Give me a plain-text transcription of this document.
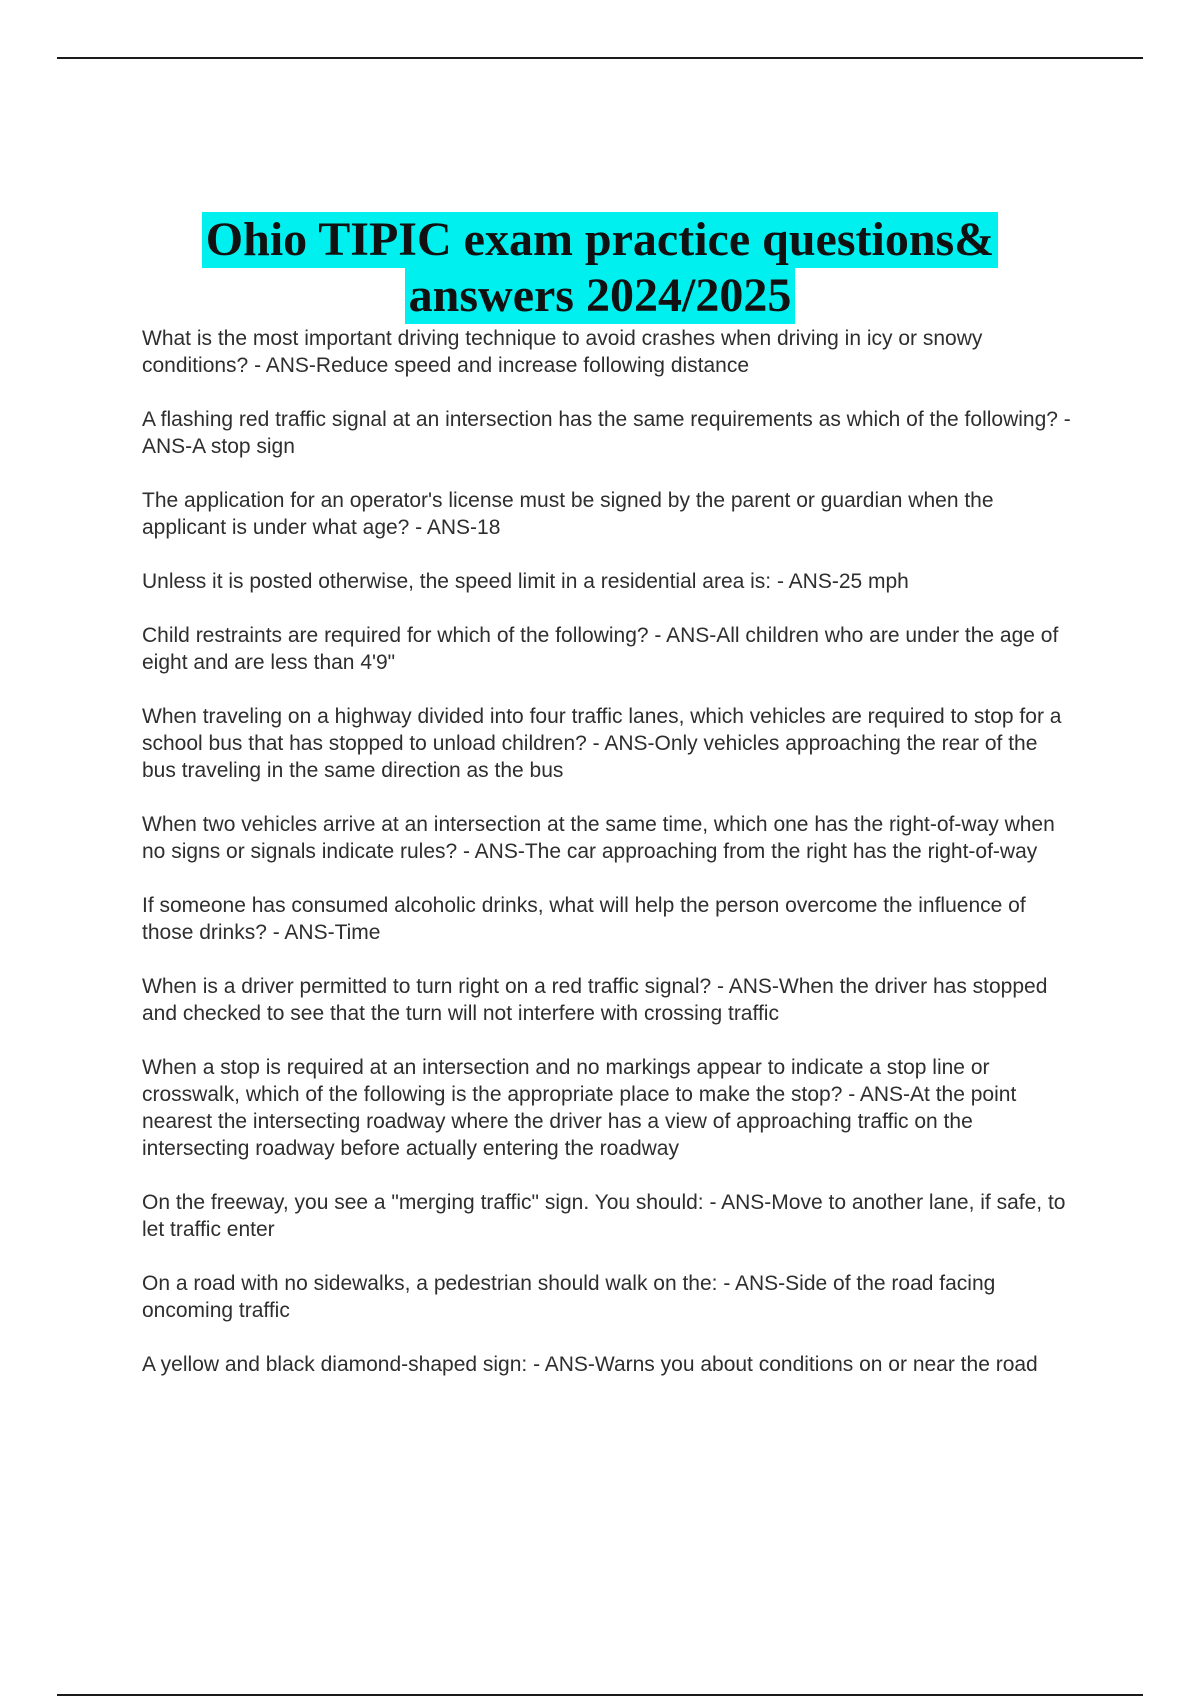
Ohio TIPIC exam practice questions&
answers 2024/2025

What is the most important driving technique to avoid crashes when driving in icy or snowy conditions? - ANS-Reduce speed and increase following distance

A flashing red traffic signal at an intersection has the same requirements as which of the following? - ANS-A stop sign

The application for an operator's license must be signed by the parent or guardian when the applicant is under what age? - ANS-18

Unless it is posted otherwise, the speed limit in a residential area is: - ANS-25 mph

Child restraints are required for which of the following? - ANS-All children who are under the age of eight and are less than 4'9"

When traveling on a highway divided into four traffic lanes, which vehicles are required to stop for a school bus that has stopped to unload children? - ANS-Only vehicles approaching the rear of the bus traveling in the same direction as the bus

When two vehicles arrive at an intersection at the same time, which one has the right-of-way when no signs or signals indicate rules? - ANS-The car approaching from the right has the right-of-way

If someone has consumed alcoholic drinks, what will help the person overcome the influence of those drinks? - ANS-Time

When is a driver permitted to turn right on a red traffic signal? - ANS-When the driver has stopped and checked to see that the turn will not interfere with crossing traffic

When a stop is required at an intersection and no markings appear to indicate a stop line or crosswalk, which of the following is the appropriate place to make the stop? - ANS-At the point nearest the intersecting roadway where the driver has a view of approaching traffic on the intersecting roadway before actually entering the roadway

On the freeway, you see a "merging traffic" sign. You should: - ANS-Move to another lane, if safe, to let traffic enter

On a road with no sidewalks, a pedestrian should walk on the: - ANS-Side of the road facing oncoming traffic

A yellow and black diamond-shaped sign: - ANS-Warns you about conditions on or near the road
